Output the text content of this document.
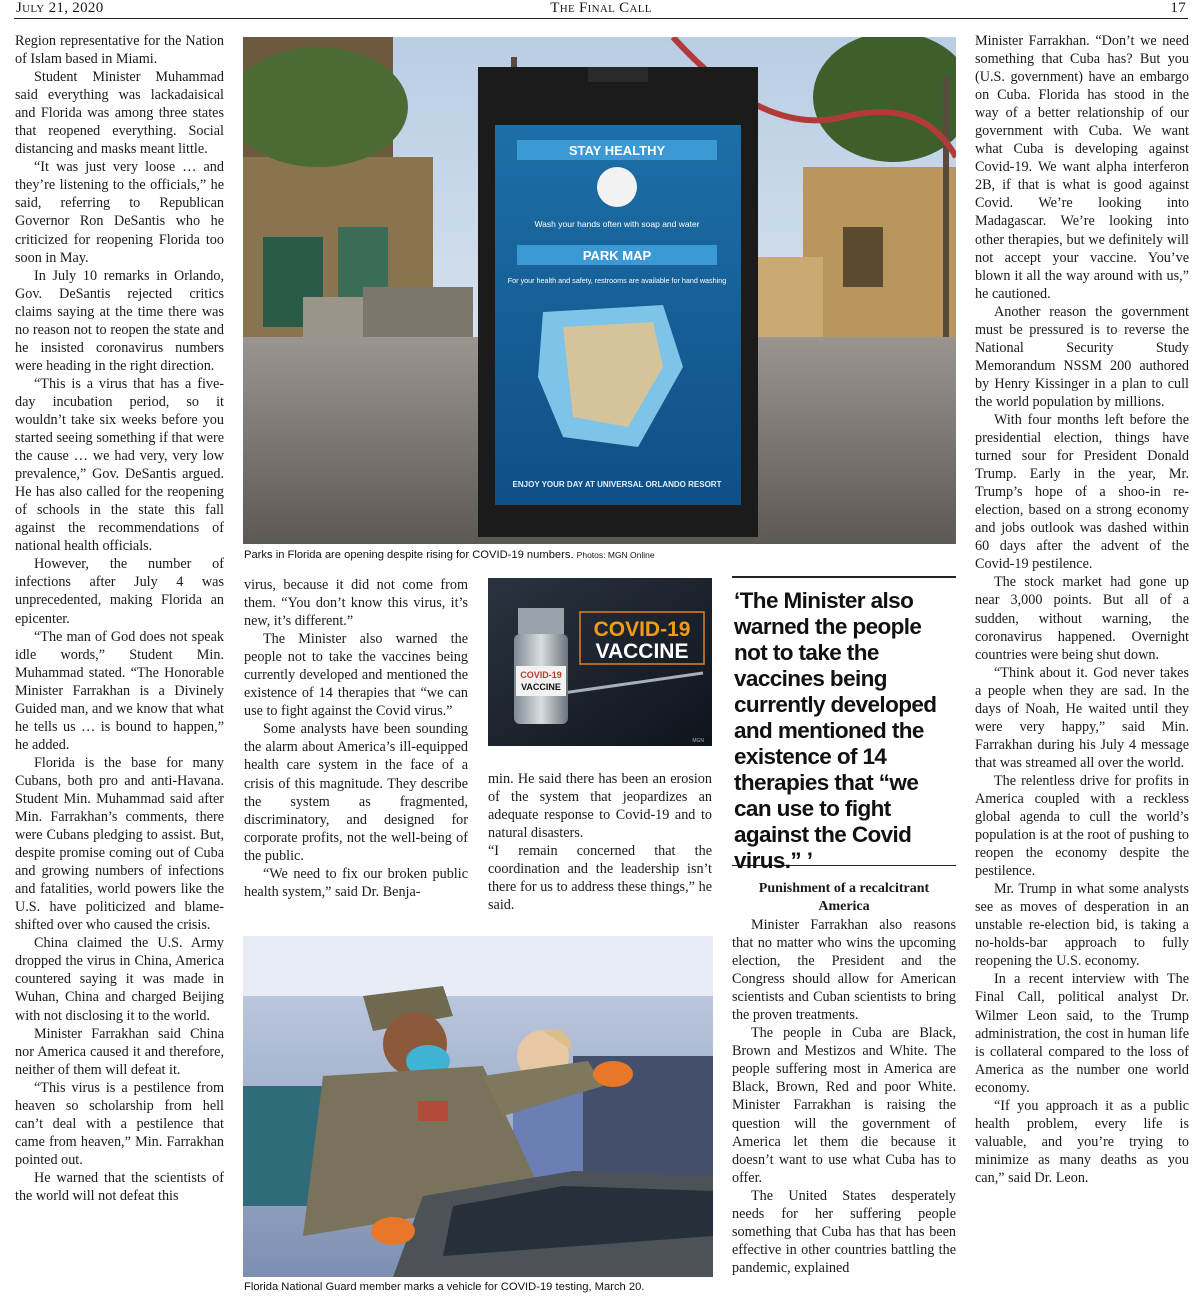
July 21, 2020	The Final Call	17

Region representative for the Nation of Islam based in Miami.

Student Minister Muhammad said everything was lackadaisical and Florida was among three states that reopened everything. Social distancing and masks meant little.

“It was just very loose … and they’re listening to the officials,” he said, referring to Republican Governor Ron DeSantis who he criticized for reopening Florida too soon in May.

In July 10 remarks in Orlando, Gov. DeSantis rejected critics claims saying at the time there was no reason not to reopen the state and he insisted coronavirus numbers were heading in the right direction.

“This is a virus that has a five-day incubation period, so it wouldn’t take six weeks before you started seeing something if that were the cause … we had very, very low prevalence,” Gov. DeSantis argued. He has also called for the reopening of schools in the state this fall against the recommendations of national health officials.

However, the number of infections after July 4 was unprecedented, making Florida an epicenter.

“The man of God does not speak idle words,” Student Min. Muhammad stated. “The Honorable Minister Farrakhan is a Divinely Guided man, and we know that what he tells us … is bound to happen,” he added.

Florida is the base for many Cubans, both pro and anti-Havana. Student Min. Muhammad said after Min. Farrakhan’s comments, there were Cubans pledging to assist. But, despite promise coming out of Cuba and growing numbers of infections and fatalities, world powers like the U.S. have politicized and blame-shifted over who caused the crisis.

China claimed the U.S. Army dropped the virus in China, America countered saying it was made in Wuhan, China and charged Beijing with not disclosing it to the world.

Minister Farrakhan said China nor America caused it and therefore, neither of them will defeat it.

“This virus is a pestilence from heaven so scholarship from hell can’t deal with a pestilence that came from heaven,” Min. Farrakhan pointed out.

He warned that the scientists of the world will not defeat this

STAY HEALTHY
Wash your hands often with soap and water
PARK MAP
For your health and safety, restrooms are available for hand washing
ENJOY YOUR DAY AT UNIVERSAL ORLANDO RESORT
Parks in Florida are opening despite rising for COVID-19 numbers. Photos: MGN Online

virus, because it did not come from them. “You don’t know this virus, it’s new, it’s different.”

The Minister also warned the people not to take the vaccines being currently developed and mentioned the existence of 14 therapies that “we can use to fight against the Covid virus.”

Some analysts have been sounding the alarm about America’s ill-equipped health care system in the face of a crisis of this magnitude. They describe the system as fragmented, discriminatory, and designed for corporate profits, not the well-being of the public.

“We need to fix our broken public health system,” said Dr. Benja-

COVID-19
VACCINE
COVID-19
VACCINE
MGN

min. He said there has been an erosion of the system that jeopardizes an adequate response to Covid-19 and to natural disasters.

“I remain concerned that the coordination and the leadership isn’t there for us to address these things,” he said.

‘The Minister also warned the people not to take the vaccines being currently developed and mentioned the existence of 14 therapies that “we can use to fight against the Covid virus.” ’
Punishment of a recalcitrant America

Minister Farrakhan also reasons that no matter who wins the upcoming election, the President and the Congress should allow for American scientists and Cuban scientists to bring the proven treatments.

The people in Cuba are Black, Brown and Mestizos and White. The people suffering most in America are Black, Brown, Red and poor White. Minister Farrakhan is raising the question will the government of America let them die because it doesn’t want to use what Cuba has to offer.

The United States desperately needs for her suffering people something that Cuba has that has been effective in other countries battling the pandemic, explained

Florida National Guard member marks a vehicle for COVID-19 testing, March 20.

Minister Farrakhan. “Don’t we need something that Cuba has? But you (U.S. government) have an embargo on Cuba. Florida has stood in the way of a better relationship of our government with Cuba. We want what Cuba is developing against Covid-19. We want alpha interferon 2B, if that is what is good against Covid. We’re looking into Madagascar. We’re looking into other therapies, but we definitely will not accept your vaccine. You’ve blown it all the way around with us,” he cautioned.

Another reason the government must be pressured is to reverse the National Security Study Memorandum NSSM 200 authored by Henry Kissinger in a plan to cull the world population by millions.

With four months left before the presidential election, things have turned sour for President Donald Trump. Early in the year, Mr. Trump’s hope of a shoo-in re-election, based on a strong economy and jobs outlook was dashed within 60 days after the advent of the Covid-19 pestilence.

The stock market had gone up near 3,000 points. But all of a sudden, without warning, the coronavirus happened. Overnight countries were being shut down.

“Think about it. God never takes a people when they are sad. In the days of Noah, He waited until they were very happy,” said Min. Farrakhan during his July 4 message that was streamed all over the world.

The relentless drive for profits in America coupled with a reckless global agenda to cull the world’s population is at the root of pushing to reopen the economy despite the pestilence.

Mr. Trump in what some analysts see as moves of desperation in an unstable re-election bid, is taking a no-holds-bar approach to fully reopening the U.S. economy.

In a recent interview with The Final Call, political analyst Dr. Wilmer Leon said, to the Trump administration, the cost in human life is collateral compared to the loss of America as the number one world economy.

“If you approach it as a public health problem, every life is valuable, and you’re trying to minimize as many deaths as you can,” said Dr. Leon.
